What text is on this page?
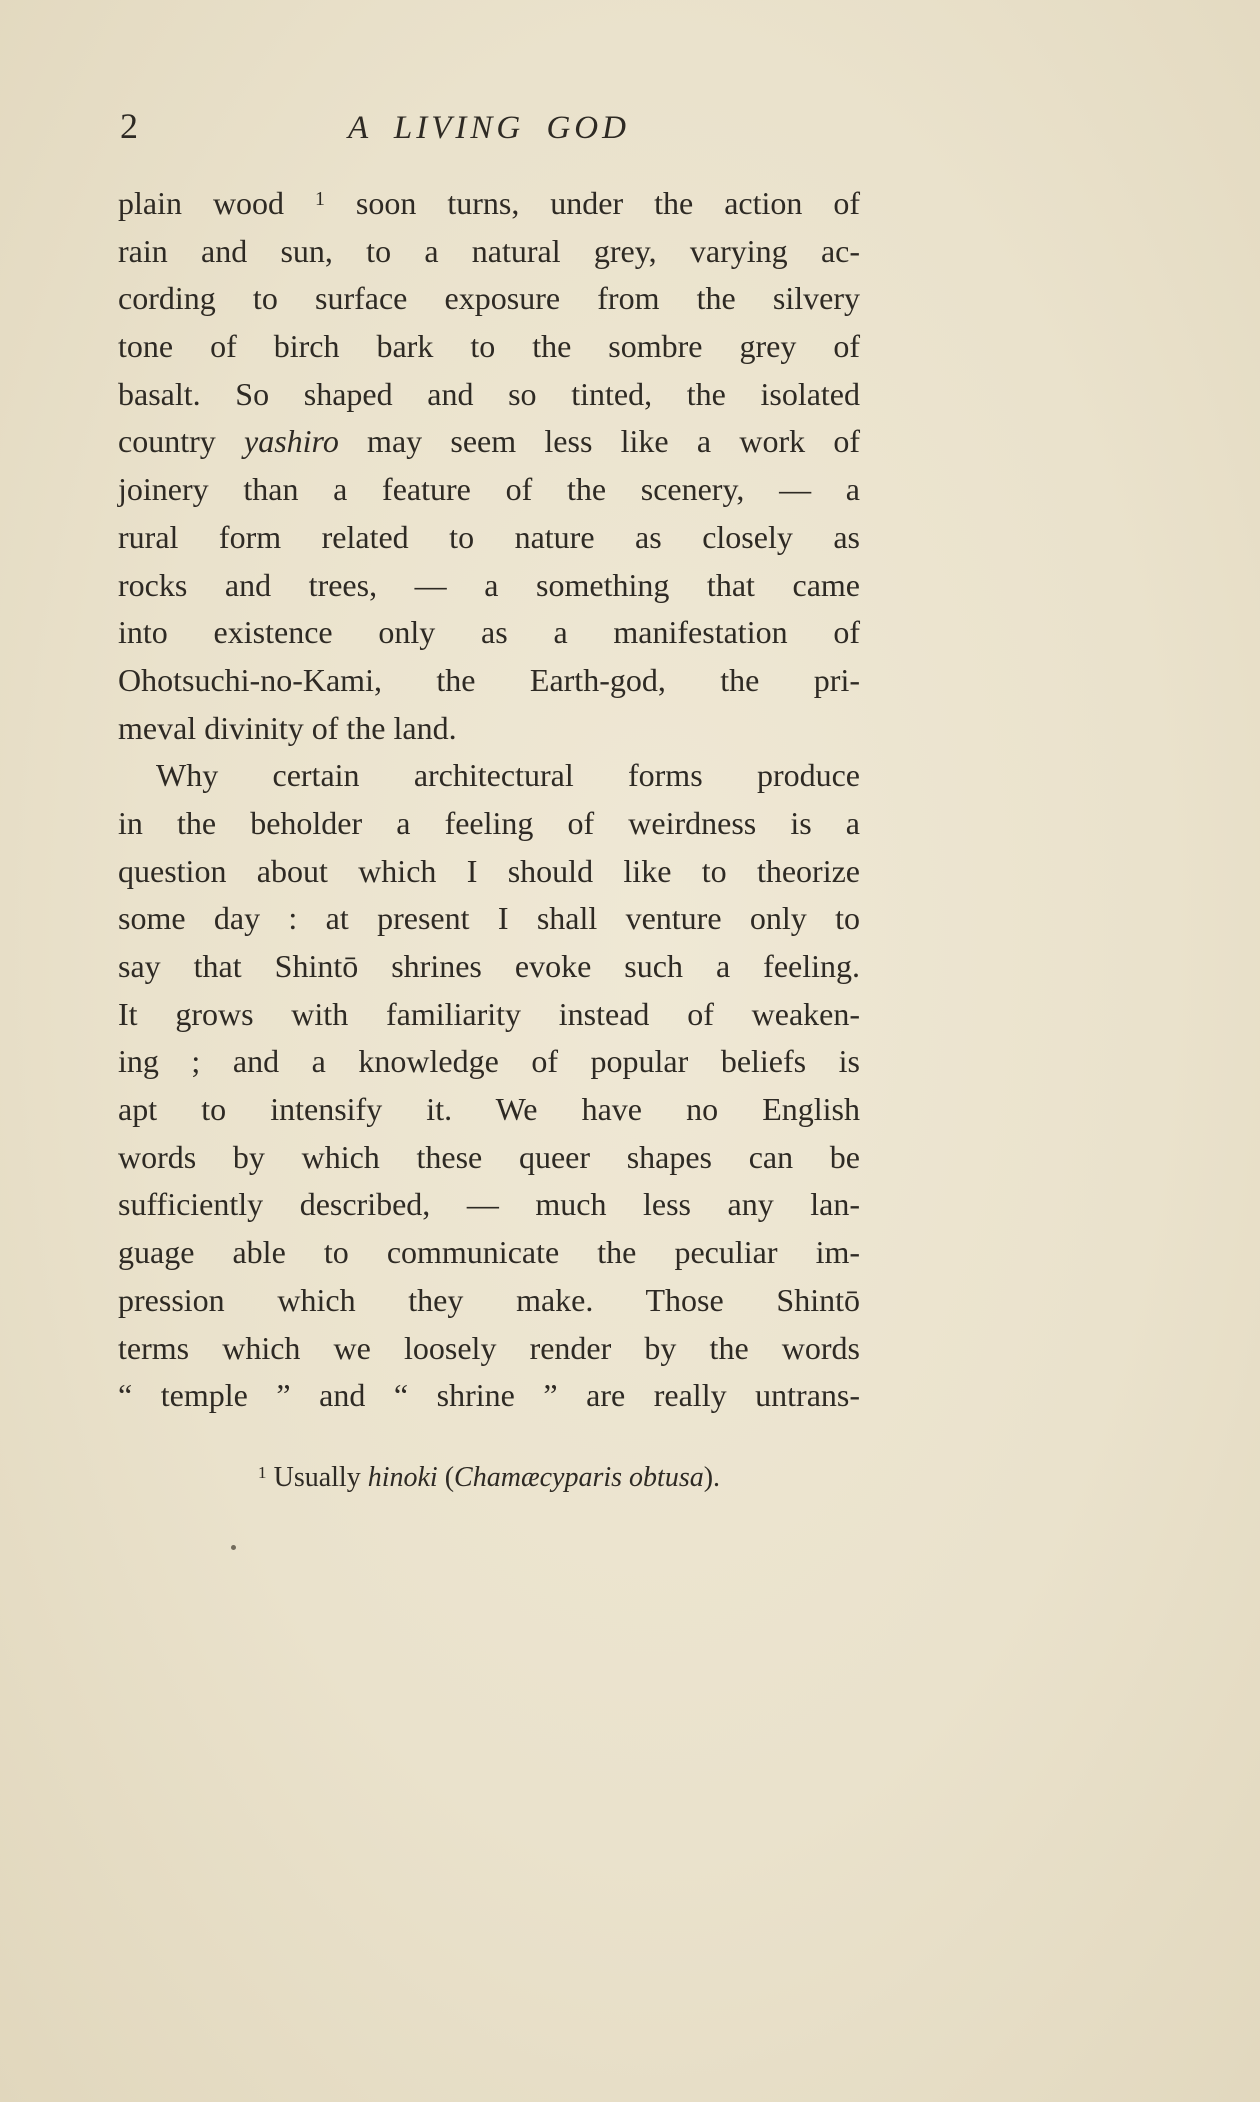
2	A LIVING GOD
plain wood $^1$ soon turns, under the action of
rain and sun, to a natural grey, varying ac-
cording to surface exposure from the silvery
tone of birch bark to the sombre grey of
basalt. So shaped and so tinted, the isolated
country yashiro may seem less like a work of
joinery than a feature of the scenery, — a
rural form related to nature as closely as
rocks and trees, — a something that came
into existence only as a manifestation of
Ohotsuchi-no-Kami, the Earth-god, the pri-
meval divinity of the land.
Why certain architectural forms produce
in the beholder a feeling of weirdness is a
question about which I should like to theorize
some day : at present I shall venture only to
say that Shintō shrines evoke such a feeling.
It grows with familiarity instead of weaken-
ing ; and a knowledge of popular beliefs is
apt to intensify it. We have no English
words by which these queer shapes can be
sufficiently described, — much less any lan-
guage able to communicate the peculiar im-
pression which they make. Those Shintō
terms which we loosely render by the words
“ temple ” and “ shrine ” are really untrans-
$^1$ Usually hinoki (Chamæcyparis obtusa).
